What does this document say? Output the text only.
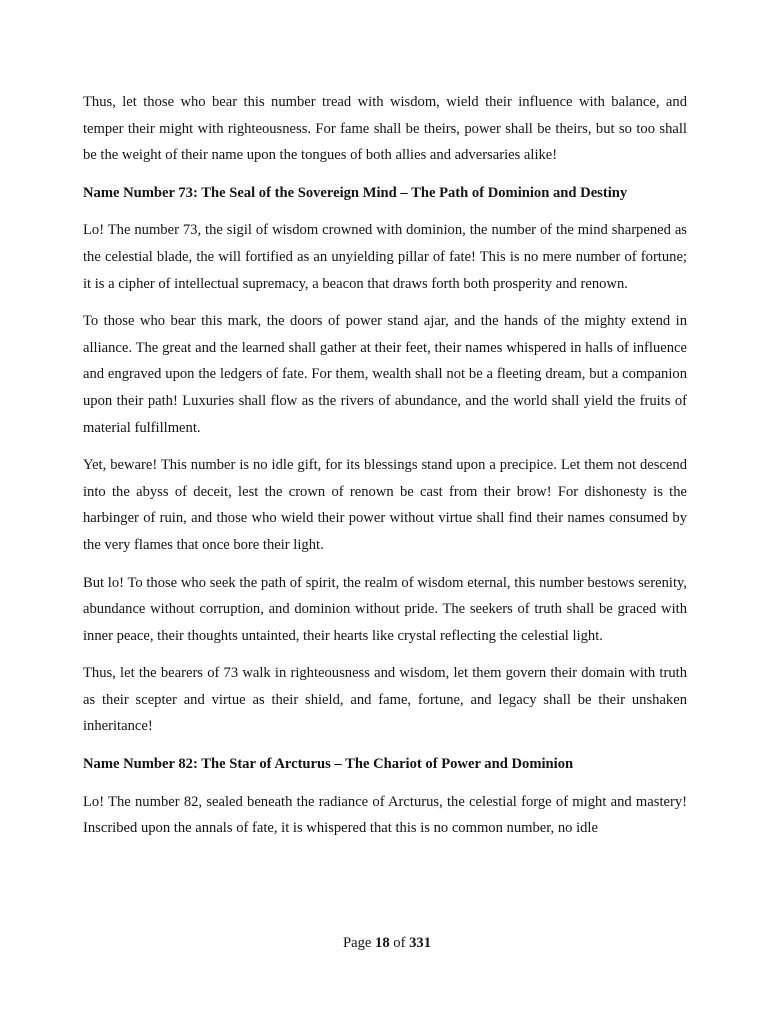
Thus, let those who bear this number tread with wisdom, wield their influence with balance, and temper their might with righteousness. For fame shall be theirs, power shall be theirs, but so too shall be the weight of their name upon the tongues of both allies and adversaries alike!

Name Number 73: The Seal of the Sovereign Mind – The Path of Dominion and Destiny

Lo! The number 73, the sigil of wisdom crowned with dominion, the number of the mind sharpened as the celestial blade, the will fortified as an unyielding pillar of fate! This is no mere number of fortune; it is a cipher of intellectual supremacy, a beacon that draws forth both prosperity and renown.

To those who bear this mark, the doors of power stand ajar, and the hands of the mighty extend in alliance. The great and the learned shall gather at their feet, their names whispered in halls of influence and engraved upon the ledgers of fate. For them, wealth shall not be a fleeting dream, but a companion upon their path! Luxuries shall flow as the rivers of abundance, and the world shall yield the fruits of material fulfillment.

Yet, beware! This number is no idle gift, for its blessings stand upon a precipice. Let them not descend into the abyss of deceit, lest the crown of renown be cast from their brow! For dishonesty is the harbinger of ruin, and those who wield their power without virtue shall find their names consumed by the very flames that once bore their light.

But lo! To those who seek the path of spirit, the realm of wisdom eternal, this number bestows serenity, abundance without corruption, and dominion without pride. The seekers of truth shall be graced with inner peace, their thoughts untainted, their hearts like crystal reflecting the celestial light.

Thus, let the bearers of 73 walk in righteousness and wisdom, let them govern their domain with truth as their scepter and virtue as their shield, and fame, fortune, and legacy shall be their unshaken inheritance!

Name Number 82: The Star of Arcturus – The Chariot of Power and Dominion

Lo! The number 82, sealed beneath the radiance of Arcturus, the celestial forge of might and mastery! Inscribed upon the annals of fate, it is whispered that this is no common number, no idle

Page 18 of 331
